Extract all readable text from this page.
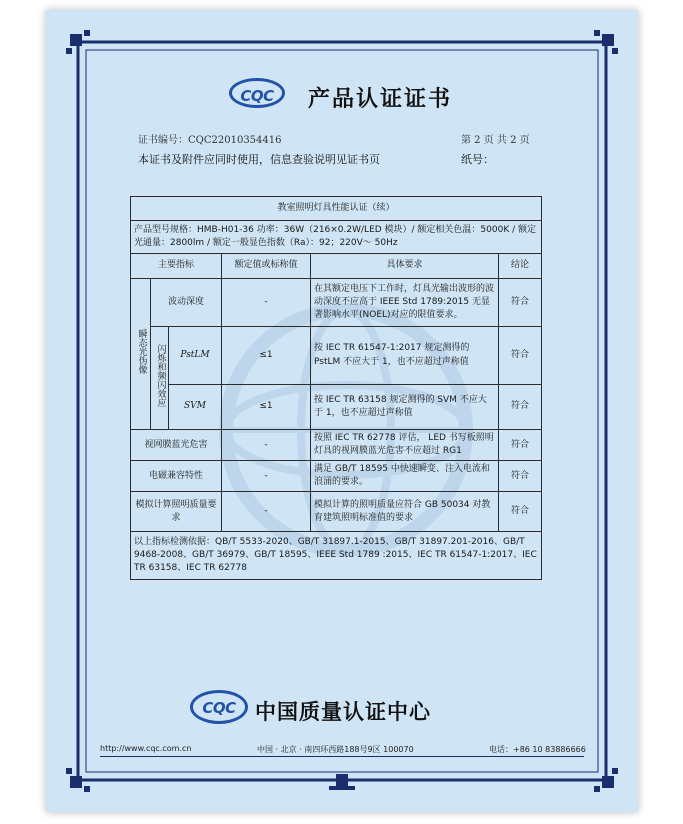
CQC	产品认证证书
证书编号：CQC22010354416	第 2 页 共 2 页
本证书及附件应同时使用，信息查验说明见证书页	纸号：
教室照明灯具性能认证（续）					
产品型号规格：HMB-H01-36 功率：36W（216×0.2W/LED 模块）/ 额定相关色温：5000K / 额定光通量：2800lm / 额定一般显色指数（Ra）：92；220V～ 50Hz					
主要指标			额定值或标称值	具体要求	结论
瞬态光伪像	波动深度		-	在其额定电压下工作时，灯具光输出波形的波动深度不应高于 IEEE Std 1789:2015 无显著影响水平(NOEL)对应的限值要求。	符合
	闪烁和频闪效应	PstLM	≤1	按 IEC TR 61547-1:2017 规定测得的 PstLM 不应大于 1，也不应超过声称值	符合
		SVM	≤1	按 IEC TR 63158 规定测得的 SVM 不应大于 1，也不应超过声称值	符合
视网膜蓝光危害			-	按照 IEC TR 62778 评估， LED 书写板照明灯具的视网膜蓝光危害不应超过 RG1	符合
电磁兼容特性			-	满足 GB/T 18595 中快速瞬变、注入电流和浪涌的要求。	符合
模拟计算照明质量要求			-	模拟计算的照明质量应符合 GB 50034 对教育建筑照明标准值的要求	符合
以上指标检测依据：QB/T 5533-2020、GB/T 31897.1-2015、GB/T 31897.201-2016、GB/T 9468-2008、GB/T 36979、GB/T 18595、IEEE Std 1789 :2015、IEC TR 61547-1:2017、IEC TR 63158、IEC TR 62778					
CQC 中国质量认证中心
http://www.cqc.com.cn	中国 · 北京 · 南四环西路188号9区 100070	电话：+86 10 83886666
